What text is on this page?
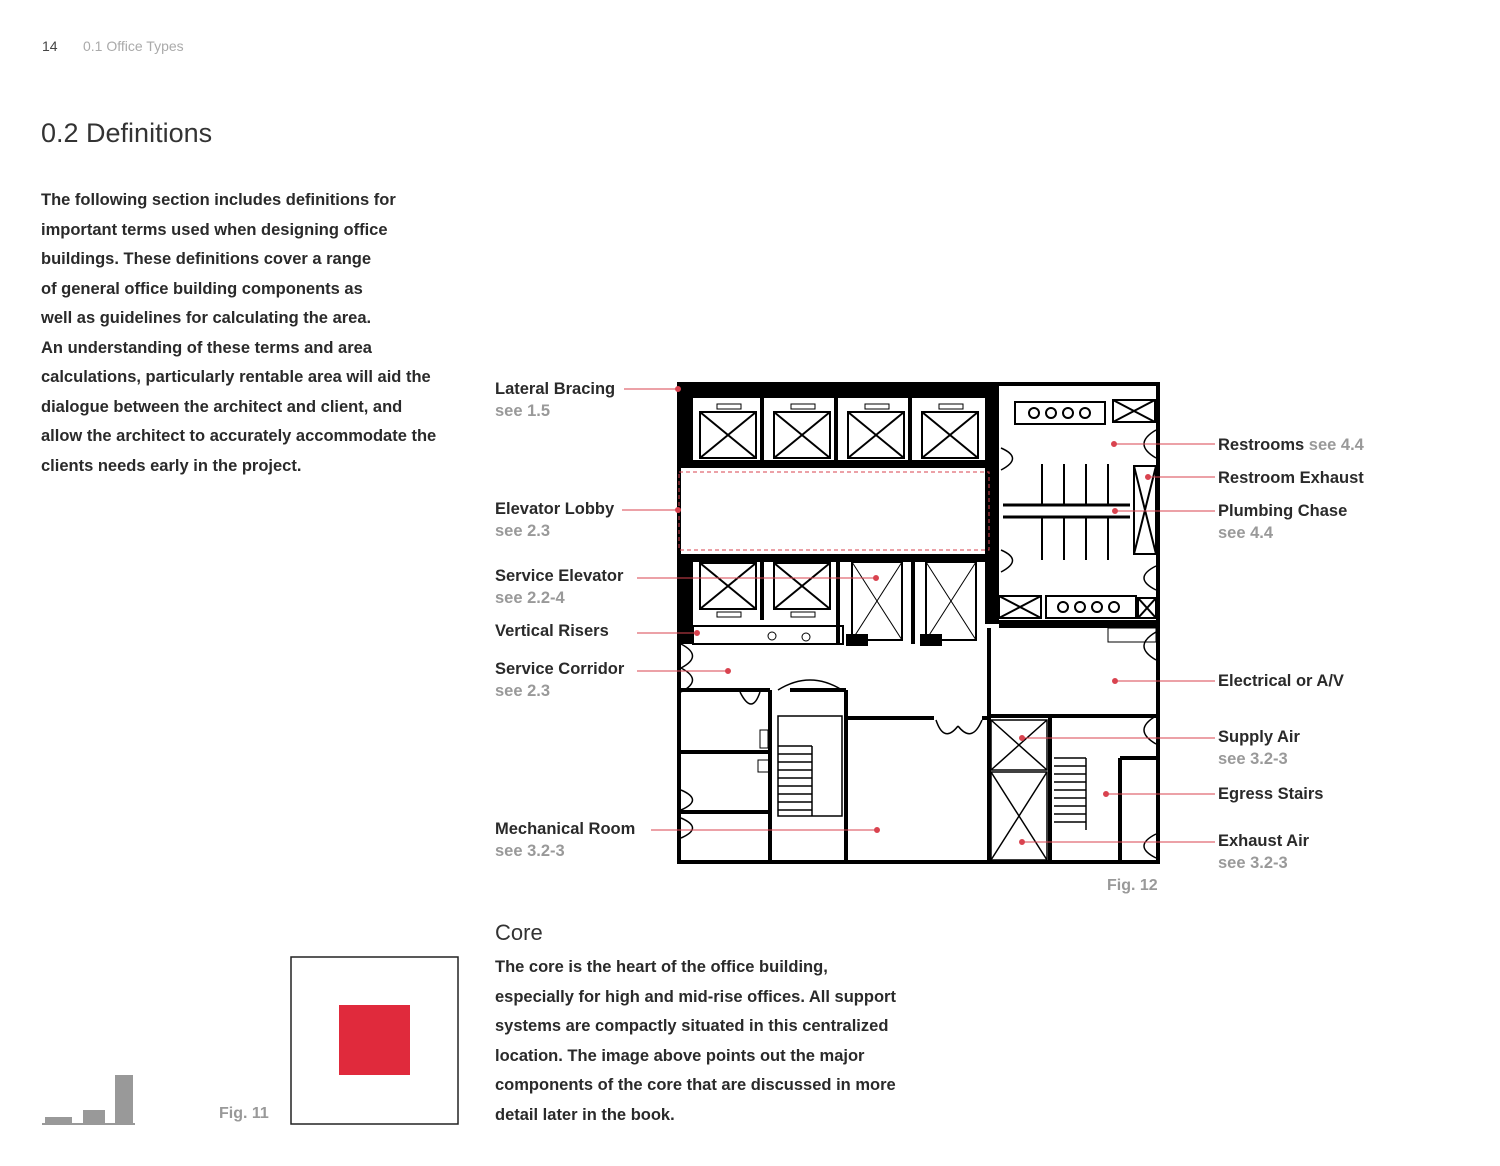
14 0.1 Office Types
0.2 Definitions

The following section includes definitions for
important terms used when designing office
buildings. These definitions cover a range
of general office building components as
well as guidelines for calculating the area.
An understanding of these terms and area
calculations, particularly rentable area will aid the
dialogue between the architect and client, and
allow the architect to accurately accommodate the
clients needs early in the project.

Lateral Bracing
see 1.5
Elevator Lobby
see 2.3
Service Elevator
see 2.2-4
Vertical Risers
Service Corridor
see 2.3
Mechanical Room
see 3.2-3
Restrooms see 4.4
Restroom Exhaust
Plumbing Chase
see 4.4
Electrical or A/V
Supply Air
see 3.2-3
Egress Stairs
Exhaust Air
see 3.2-3
Fig. 12
Fig. 11
Core

The core is the heart of the office building,
especially for high and mid-rise offices. All support
systems are compactly situated in this centralized
location. The image above points out the major
components of the core that are discussed in more
detail later in the book.
